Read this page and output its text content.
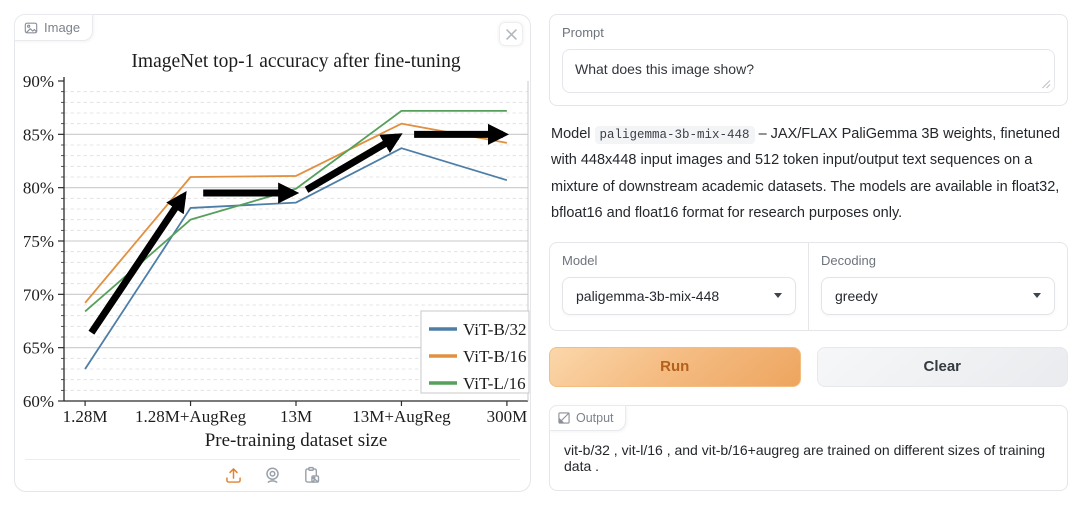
Image
90%
85%
80%
75%
70%
65%
60%
1.28M 1.28M+AugReg 13M 13M+AugReg 300M
ImageNet top-1 accuracy after fine-tuning
Pre-training dataset size
ViT-B/32
ViT-B/16
ViT-L/16
Prompt
What does this image show?

Model paligemma-3b-mix-448 – JAX/FLAX PaliGemma 3B weights, finetuned with 448x448 input images and 512 token input/output text sequences on a mixture of downstream academic datasets. The models are available in float32, bfloat16 and float16 format for research purposes only.

Model
paligemma-3b-mix-448
Decoding
greedy
Run	Clear
Output
vit-b/32 , vit-l/16 , and vit-b/16+augreg are trained on different sizes of training data .
